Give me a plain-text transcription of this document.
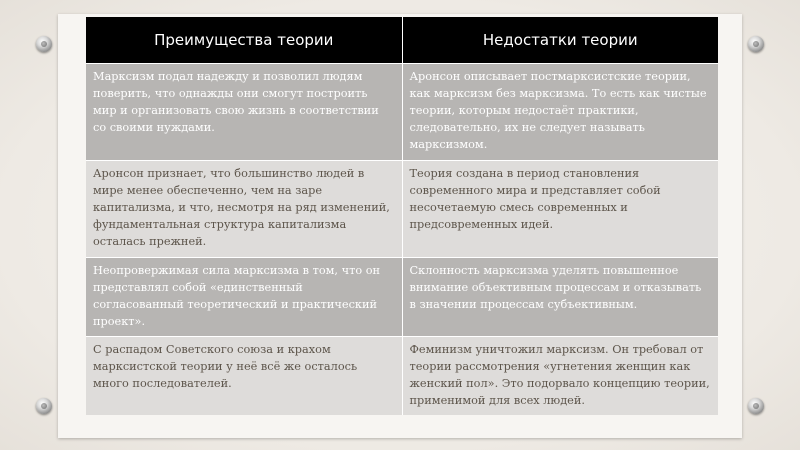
Преимущества теории	Недостатки теории
Марксизм подал надежду и позволил людям поверить, что однажды они смогут построить мир и организовать свою жизнь в соответствии со своими нуждами.	Аронсон описывает постмарксистские теории, как марксизм без марксизма. То есть как чистые теории, которым недостаёт практики, следовательно, их не следует называть марксизмом.
Аронсон признает, что большинство людей в мире менее обеспеченно, чем на заре капитализма, и что, несмотря на ряд изменений, фундаментальная структура капитализма осталась прежней.	Теория создана в период становления современного мира и представляет собой несочетаемую смесь современных и предсовременных идей.
Неопровержимая сила марксизма в том, что он представлял собой «единственный согласованный теоретический и практический проект».	Склонность марксизма уделять повышенное внимание объективным процессам и отказывать в значении процессам субъективным.
С распадом Советского союза и крахом марксистской теории у неё всё же осталось много последователей.	Феминизм уничтожил марксизм. Он требовал от теории рассмотрения «угнетения женщин как женский пол». Это подорвало концепцию теории, применимой для всех людей.
